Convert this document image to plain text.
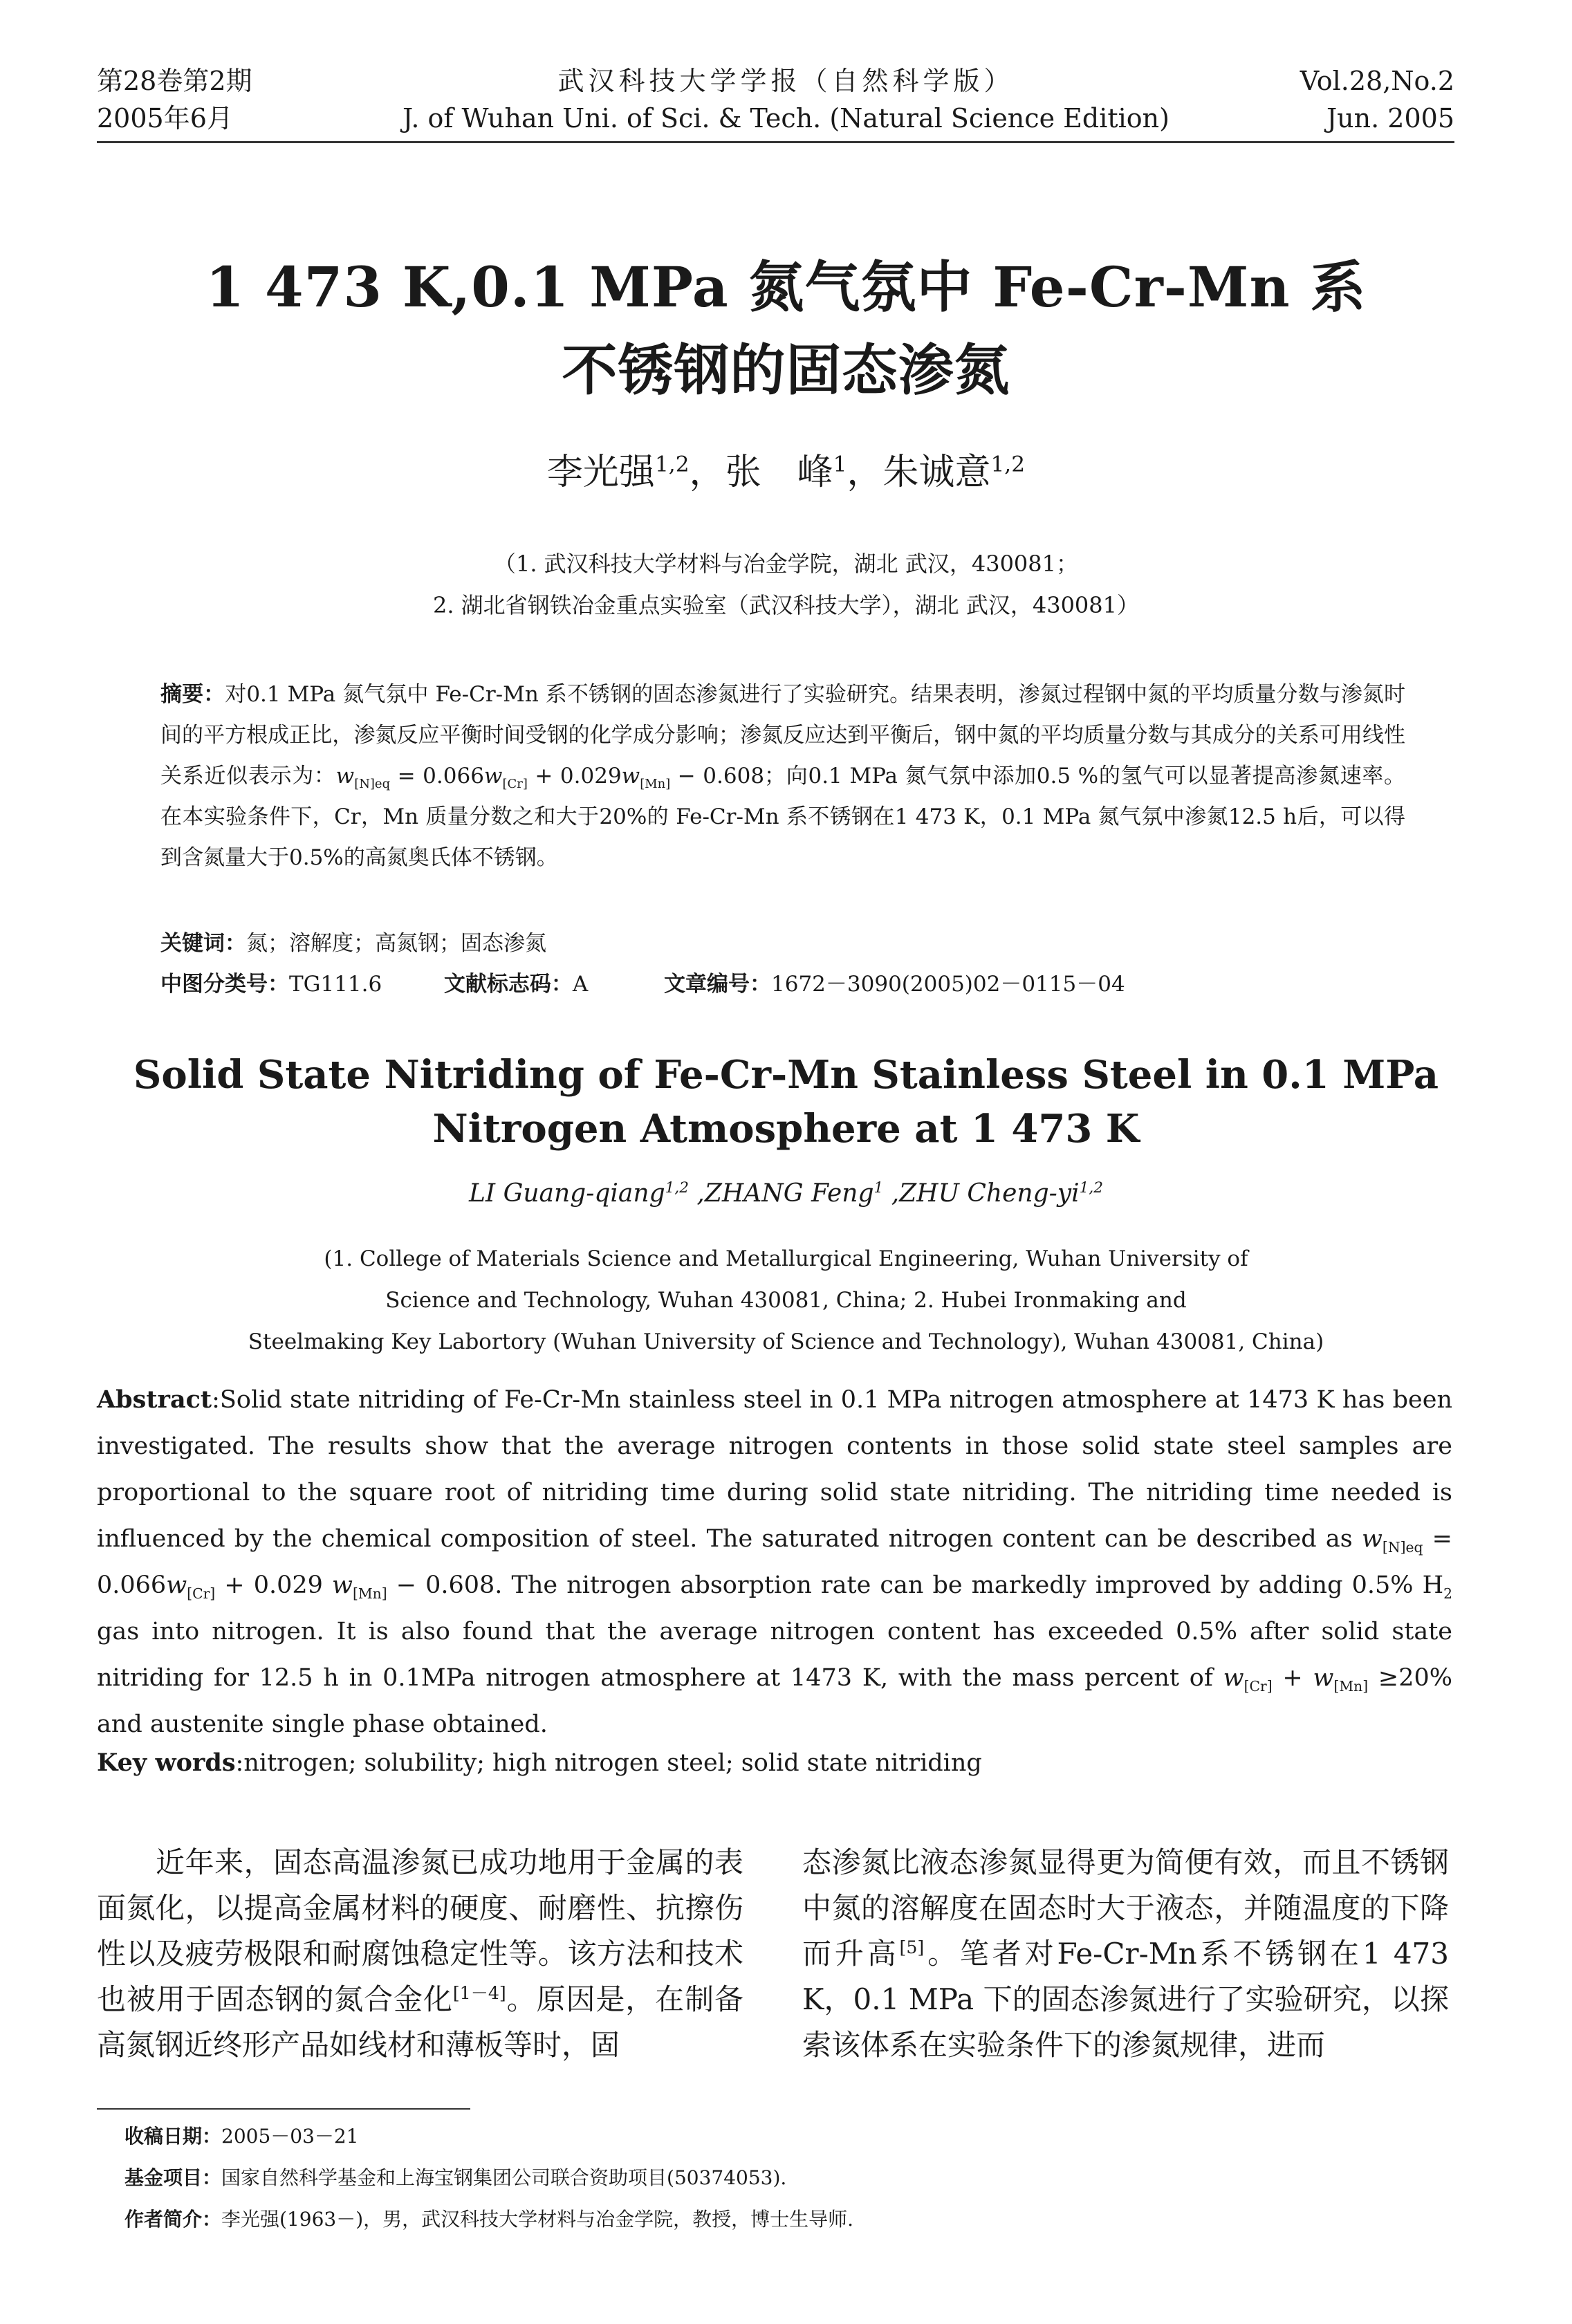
第28卷第2期
2005年6月
武汉科技大学学报（自然科学版）
J. of Wuhan Uni. of Sci. & Tech. (Natural Science Edition)
Vol.28,No.2
Jun. 2005
1 473 K,0.1 MPa 氮气氛中 Fe-Cr-Mn 系
不锈钢的固态渗氮
李光强$^{1,2}$，张　峰$^1$，朱诚意$^{1,2}$
（1. 武汉科技大学材料与冶金学院，湖北 武汉，430081；
2. 湖北省钢铁冶金重点实验室（武汉科技大学），湖北 武汉，430081）
摘要：对0.1 MPa 氮气氛中 Fe-Cr-Mn 系不锈钢的固态渗氮进行了实验研究。结果表明，渗氮过程钢中氮的平均质量分数与渗氮时间的平方根成正比，渗氮反应平衡时间受钢的化学成分影响；渗氮反应达到平衡后，钢中氮的平均质量分数与其成分的关系可用线性关系近似表示为：$w_{[N]eq} = 0.066w_{[Cr]} + 0.029w_{[Mn]} - 0.608$；向0.1 MPa 氮气氛中添加0.5 %的氢气可以显著提高渗氮速率。在本实验条件下，Cr，Mn 质量分数之和大于20%的 Fe-Cr-Mn 系不锈钢在1 473 K，0.1 MPa 氮气氛中渗氮12.5 h后，可以得到含氮量大于0.5%的高氮奥氏体不锈钢。
关键词：氮；溶解度；高氮钢；固态渗氮
中图分类号：TG111.6	文献标志码：A	文章编号：1672－3090(2005)02－0115－04
Solid State Nitriding of Fe-Cr-Mn Stainless Steel in 0.1 MPa
Nitrogen Atmosphere at 1 473 K
LI Guang-qiang$^{1,2}$ ,ZHANG Feng$^1$ ,ZHU Cheng-yi$^{1,2}$
(1. College of Materials Science and Metallurgical Engineering, Wuhan University of
Science and Technology, Wuhan 430081, China; 2. Hubei Ironmaking and
Steelmaking Key Labortory (Wuhan University of Science and Technology), Wuhan 430081, China)
Abstract:Solid state nitriding of Fe-Cr-Mn stainless steel in 0.1 MPa nitrogen atmosphere at 1473 K has been investigated. The results show that the average nitrogen contents in those solid state steel samples are proportional to the square root of nitriding time during solid state nitriding. The nitriding time needed is influenced by the chemical composition of steel. The saturated nitrogen content can be described as $w_{[N]eq} = 0.066w_{[Cr]} + 0.029$ $w_{[Mn]} - 0.608$. The nitrogen absorption rate can be markedly improved by adding 0.5% $H_2$ gas into nitrogen. It is also found that the average nitrogen content has exceeded 0.5% after solid state nitriding for 12.5 h in 0.1MPa nitrogen atmosphere at 1473 K, with the mass percent of $w_{[Cr]} + w_{[Mn]} \ge 20\%$ and austenite single phase obtained.
Key words:nitrogen; solubility; high nitrogen steel; solid state nitriding
　　近年来，固态高温渗氮已成功地用于金属的表面氮化，以提高金属材料的硬度、耐磨性、抗擦伤性以及疲劳极限和耐腐蚀稳定性等。该方法和技术也被用于固态钢的氮合金化[1－4]。原因是，在制备高氮钢近终形产品如线材和薄板等时，固
态渗氮比液态渗氮显得更为简便有效，而且不锈钢中氮的溶解度在固态时大于液态，并随温度的下降而升高[5]。笔者对Fe-Cr-Mn系不锈钢在1 473 K，0.1 MPa 下的固态渗氮进行了实验研究，以探索该体系在实验条件下的渗氮规律，进而
收稿日期：2005－03－21
基金项目：国家自然科学基金和上海宝钢集团公司联合资助项目(50374053).
作者简介：李光强(1963－)，男，武汉科技大学材料与冶金学院，教授，博士生导师.
